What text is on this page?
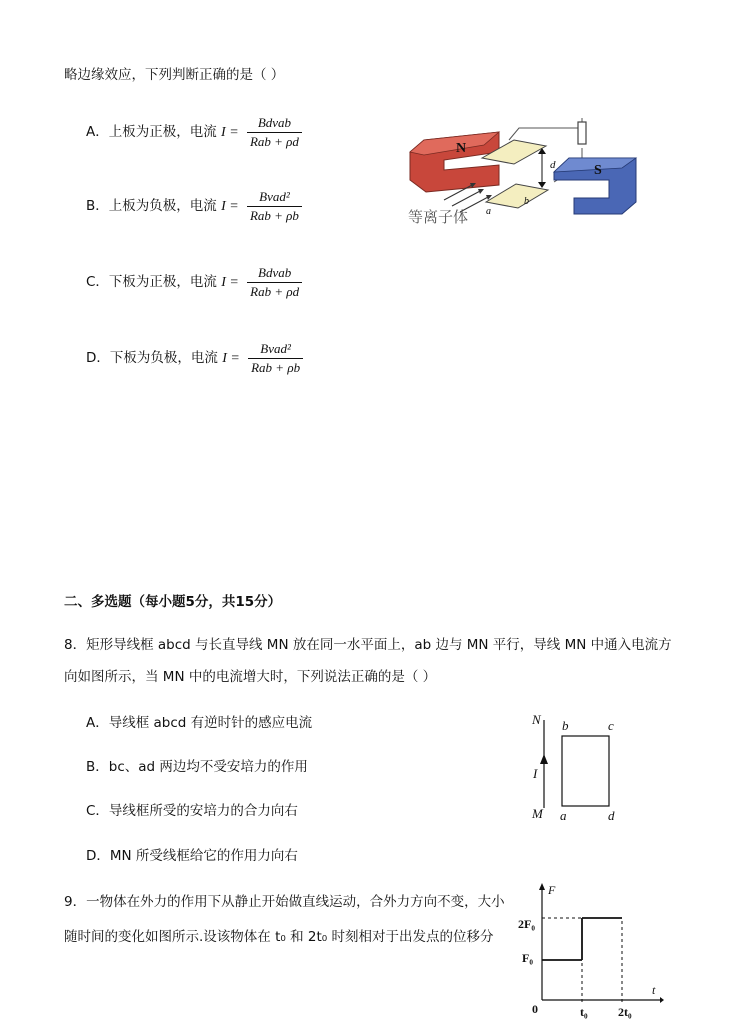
略边缘效应，下列判断正确的是（ ）
A．上板为正极，电流 $I = \frac{\text{Bdvab}}{\text{Rab + ρd}}$
B．上板为负极，电流 $I = \frac{\text{Bvad²}}{\text{Rab + ρb}}$
C．下板为正极，电流 $I = \frac{\text{Bdvab}}{\text{Rab + ρd}}$
D．下板为负极，电流 $I = \frac{\text{Bvad²}}{\text{Rab + ρb}}$
N
d
a
b
S
等离子体
二、多选题（每小题5分，共15分）
8．矩形导线框 abcd 与长直导线 MN 放在同一水平面上，ab 边与 MN 平行，导线 MN 中通入电流方
向如图所示，当 MN 中的电流增大时，下列说法正确的是（ ）
A．导线框 abcd 有逆时针的感应电流
B．bc、ad 两边均不受安培力的作用
C．导线框所受的安培力的合力向右
D．MN 所受线框给它的作用力向右
N
M
I
b	c
a	d
9．一物体在外力的作用下从静止开始做直线运动，合外力方向不变，大小
随时间的变化如图所示.设该物体在 t₀ 和 2t₀ 时刻相对于出发点的位移分
F
t
0
2F₀
F₀
t₀	2t₀
